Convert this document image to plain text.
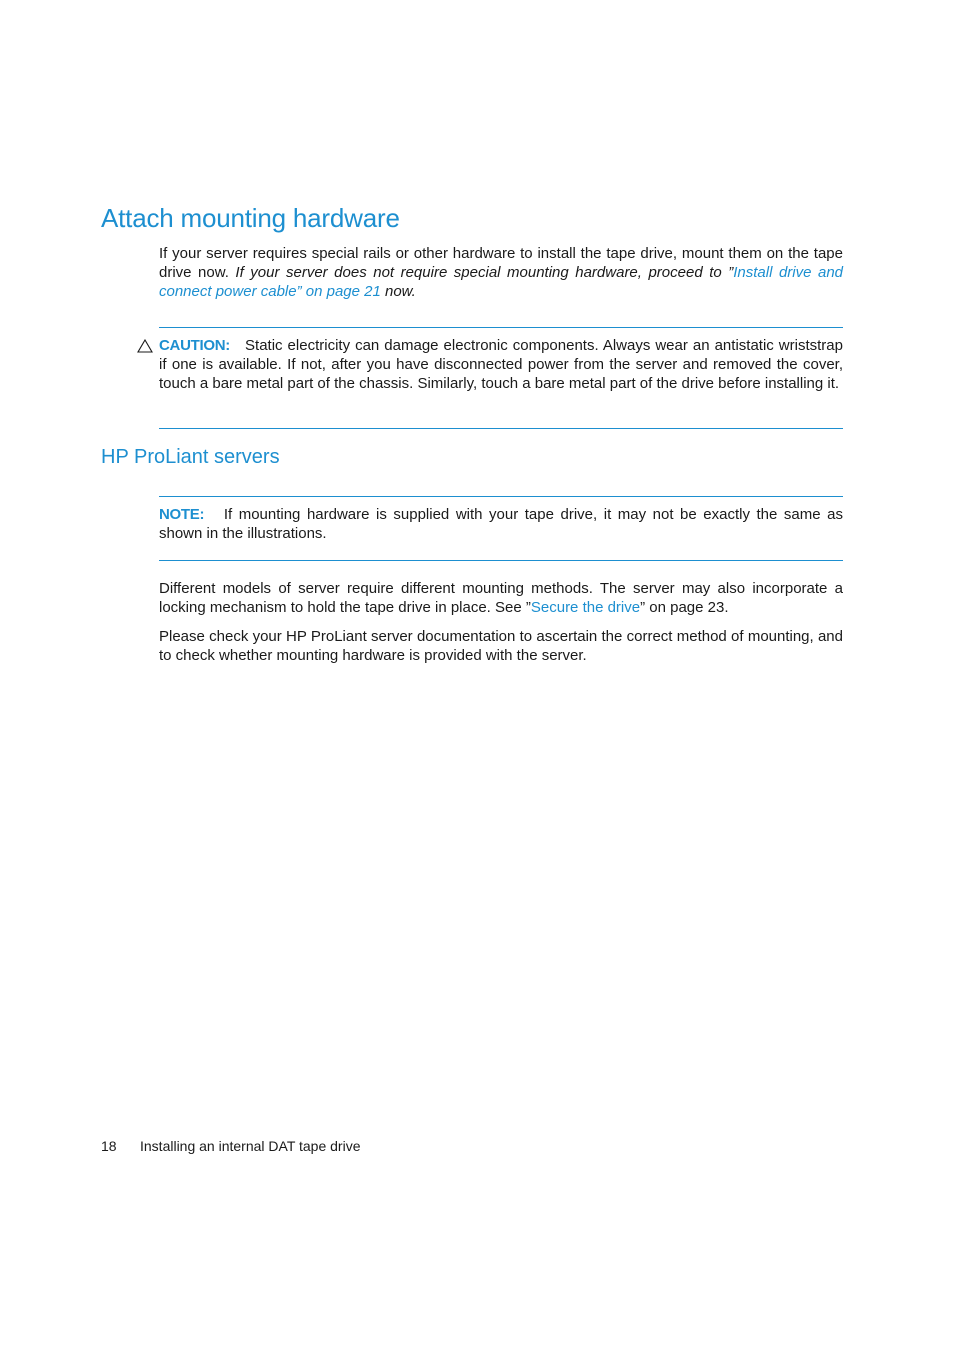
Attach mounting hardware

If your server requires special rails or other hardware to install the tape drive, mount them on the tape drive now. If your server does not require special mounting hardware, proceed to ”Install drive and connect power cable” on page 21 now.

CAUTION: Static electricity can damage electronic components. Always wear an antistatic wriststrap if one is available. If not, after you have disconnected power from the server and removed the cover, touch a bare metal part of the chassis. Similarly, touch a bare metal part of the drive before installing it.

HP ProLiant servers

NOTE: If mounting hardware is supplied with your tape drive, it may not be exactly the same as shown in the illustrations.

Different models of server require different mounting methods. The server may also incorporate a locking mechanism to hold the tape drive in place. See ”Secure the drive” on page 23.

Please check your HP ProLiant server documentation to ascertain the correct method of mounting, and to check whether mounting hardware is provided with the server.

18 Installing an internal DAT tape drive
